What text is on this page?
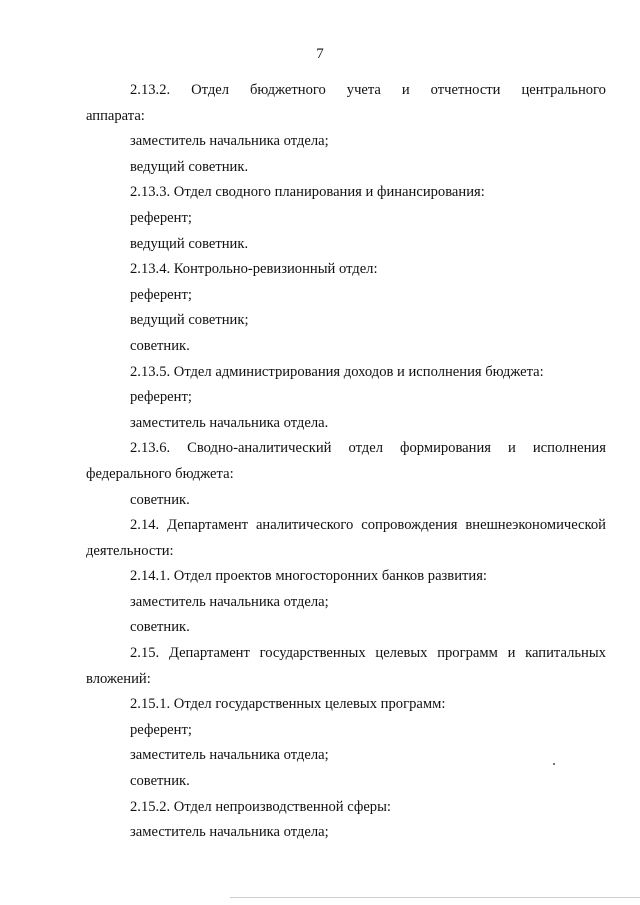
7
2.13.2. Отдел бюджетного учета и отчетности центрального
аппарата:
заместитель начальника отдела;
ведущий советник.
2.13.3. Отдел сводного планирования и финансирования:
референт;
ведущий советник.
2.13.4. Контрольно-ревизионный отдел:
референт;
ведущий советник;
советник.
2.13.5. Отдел администрирования доходов и исполнения бюджета:
референт;
заместитель начальника отдела.
2.13.6. Сводно-аналитический отдел формирования и исполнения
федерального бюджета:
советник.
2.14. Департамент аналитического сопровождения внешнеэкономической
деятельности:
2.14.1. Отдел проектов многосторонних банков развития:
заместитель начальника отдела;
советник.
2.15. Департамент государственных целевых программ и капитальных
вложений:
2.15.1. Отдел государственных целевых программ:
референт;
заместитель начальника отдела;
советник.
2.15.2. Отдел непроизводственной сферы:
заместитель начальника отдела;
